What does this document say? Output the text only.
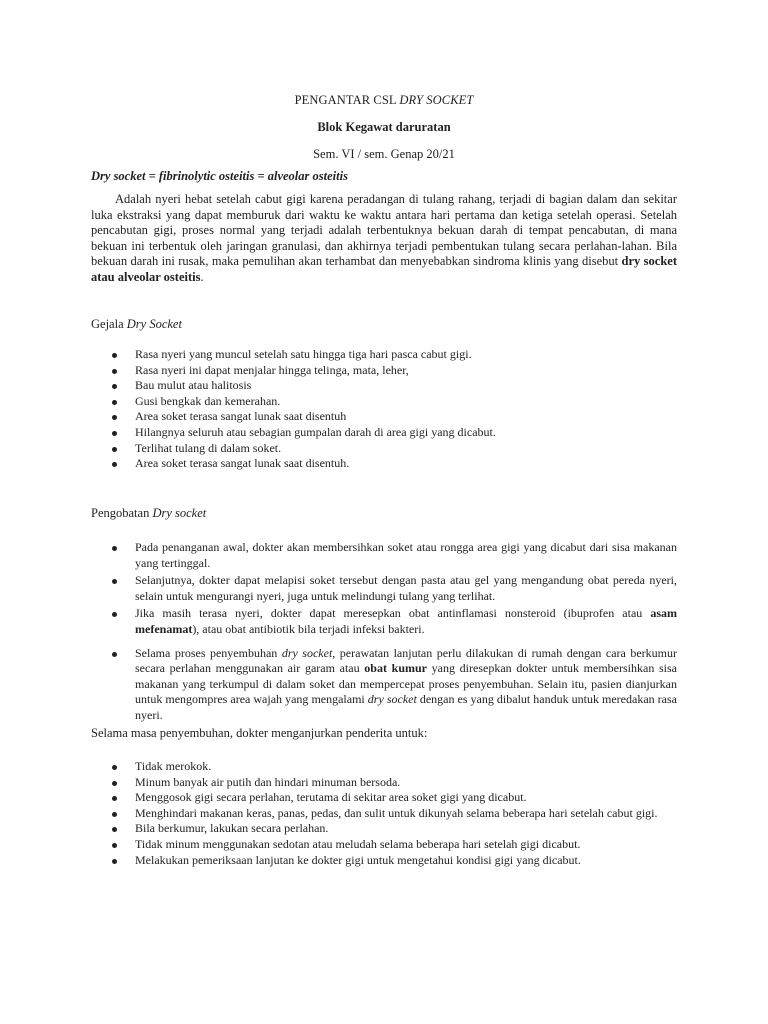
PENGANTAR CSL DRY SOCKET
Blok Kegawat daruratan
Sem. VI / sem. Genap 20/21
Dry socket = fibrinolytic osteitis = alveolar osteitis

Adalah nyeri hebat setelah cabut gigi karena peradangan di tulang rahang, terjadi di bagian dalam dan sekitar luka ekstraksi yang dapat memburuk dari waktu ke waktu antara hari pertama dan ketiga setelah operasi. Setelah pencabutan gigi, proses normal yang terjadi adalah terbentuknya bekuan darah di tempat pencabutan, di mana bekuan ini terbentuk oleh jaringan granulasi, dan akhirnya terjadi pembentukan tulang secara perlahan-lahan. Bila bekuan darah ini rusak, maka pemulihan akan terhambat dan menyebabkan sindroma klinis yang disebut dry socket atau alveolar osteitis.

Gejala Dry Socket
Rasa nyeri yang muncul setelah satu hingga tiga hari pasca cabut gigi.
Rasa nyeri ini dapat menjalar hingga telinga, mata, leher,
Bau mulut atau halitosis
Gusi bengkak dan kemerahan.
Area soket terasa sangat lunak saat disentuh
Hilangnya seluruh atau sebagian gumpalan darah di area gigi yang dicabut.
Terlihat tulang di dalam soket.
Area soket terasa sangat lunak saat disentuh.
Pengobatan Dry socket
Pada penanganan awal, dokter akan membersihkan soket atau rongga area gigi yang dicabut dari sisa makanan yang tertinggal.
Selanjutnya, dokter dapat melapisi soket tersebut dengan pasta atau gel yang mengandung obat pereda nyeri, selain untuk mengurangi nyeri, juga untuk melindungi tulang yang terlihat.
Jika masih terasa nyeri, dokter dapat meresepkan obat antinflamasi nonsteroid (ibuprofen atau asam mefenamat), atau obat antibiotik bila terjadi infeksi bakteri.
Selama proses penyembuhan dry socket, perawatan lanjutan perlu dilakukan di rumah dengan cara berkumur secara perlahan menggunakan air garam atau obat kumur yang diresepkan dokter untuk membersihkan sisa makanan yang terkumpul di dalam soket dan mempercepat proses penyembuhan. Selain itu, pasien dianjurkan untuk mengompres area wajah yang mengalami dry socket dengan es yang dibalut handuk untuk meredakan rasa nyeri.
Selama masa penyembuhan, dokter menganjurkan penderita untuk:
Tidak merokok.
Minum banyak air putih dan hindari minuman bersoda.
Menggosok gigi secara perlahan, terutama di sekitar area soket gigi yang dicabut.
Menghindari makanan keras, panas, pedas, dan sulit untuk dikunyah selama beberapa hari setelah cabut gigi.
Bila berkumur, lakukan secara perlahan.
Tidak minum menggunakan sedotan atau meludah selama beberapa hari setelah gigi dicabut.
Melakukan pemeriksaan lanjutan ke dokter gigi untuk mengetahui kondisi gigi yang dicabut.
